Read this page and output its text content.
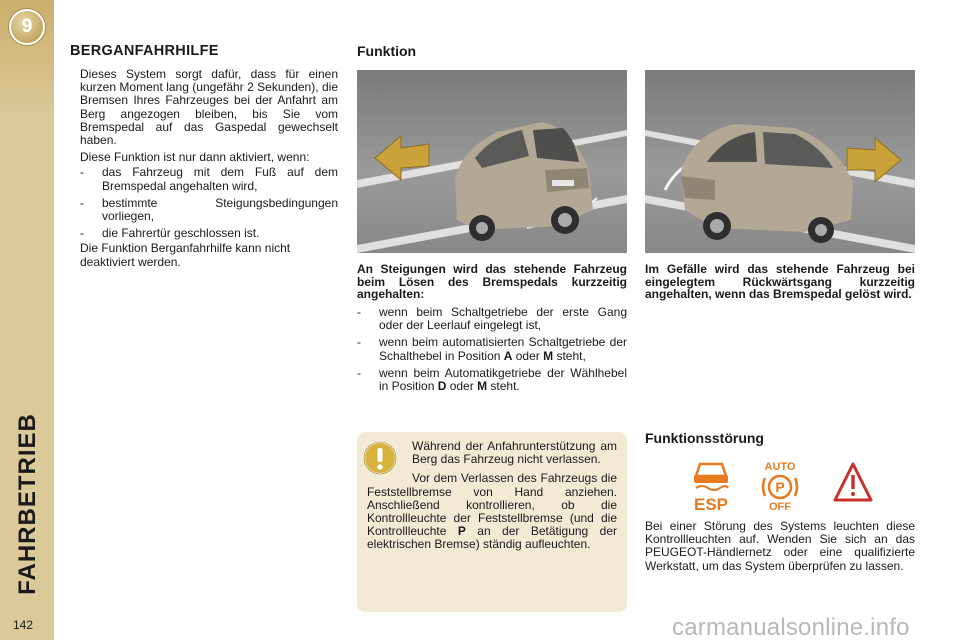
9
FAHRBETRIEB
142
BERGANFAHRHILFE

Dieses System sorgt dafür, dass für einen kurzen Moment lang (ungefähr 2 Sekunden), die Bremsen Ihres Fahrzeuges bei der Anfahrt am Berg angezogen bleiben, bis Sie vom Bremspedal auf das Gaspedal gewechselt haben.

Diese Funktion ist nur dann aktiviert, wenn:

-	das Fahrzeug mit dem Fuß auf dem Bremspedal angehalten wird,
-	bestimmte Steigungsbedingungen vorliegen,
-	die Fahrertür geschlossen ist.

Die Funktion Berganfahrhilfe kann nicht deaktiviert werden.

Funktion
An Steigungen wird das stehende Fahrzeug beim Lösen des Bremspedals kurzzeitig angehalten:
-	wenn beim Schaltgetriebe der erste Gang oder der Leerlauf eingelegt ist,
-	wenn beim automatisierten Schaltgetriebe der Schalthebel in Position A oder M steht,
-	wenn beim Automatikgetriebe der Wählhebel in Position D oder M steht.
Im Gefälle wird das stehende Fahrzeug bei eingelegtem Rückwärtsgang kurzzeitig angehalten, wenn das Bremspedal gelöst wird.

Während der Anfahrunterstützung am Berg das Fahrzeug nicht verlassen.

Vor dem Verlassen des Fahrzeugs die Feststellbremse von Hand anziehen. Anschließend kontrollieren, ob die Kontrollleuchte der Feststellbremse (und die Kontrollleuchte P an der Betätigung der elektrischen Bremse) ständig aufleuchten.

Funktionsstörung
ESP
AUTO
P
OFF
Bei einer Störung des Systems leuchten diese Kontrollleuchten auf. Wenden Sie sich an das PEUGEOT-Händlernetz oder eine qualifizierte Werkstatt, um das System überprüfen zu lassen.
carmanualsonline.info
